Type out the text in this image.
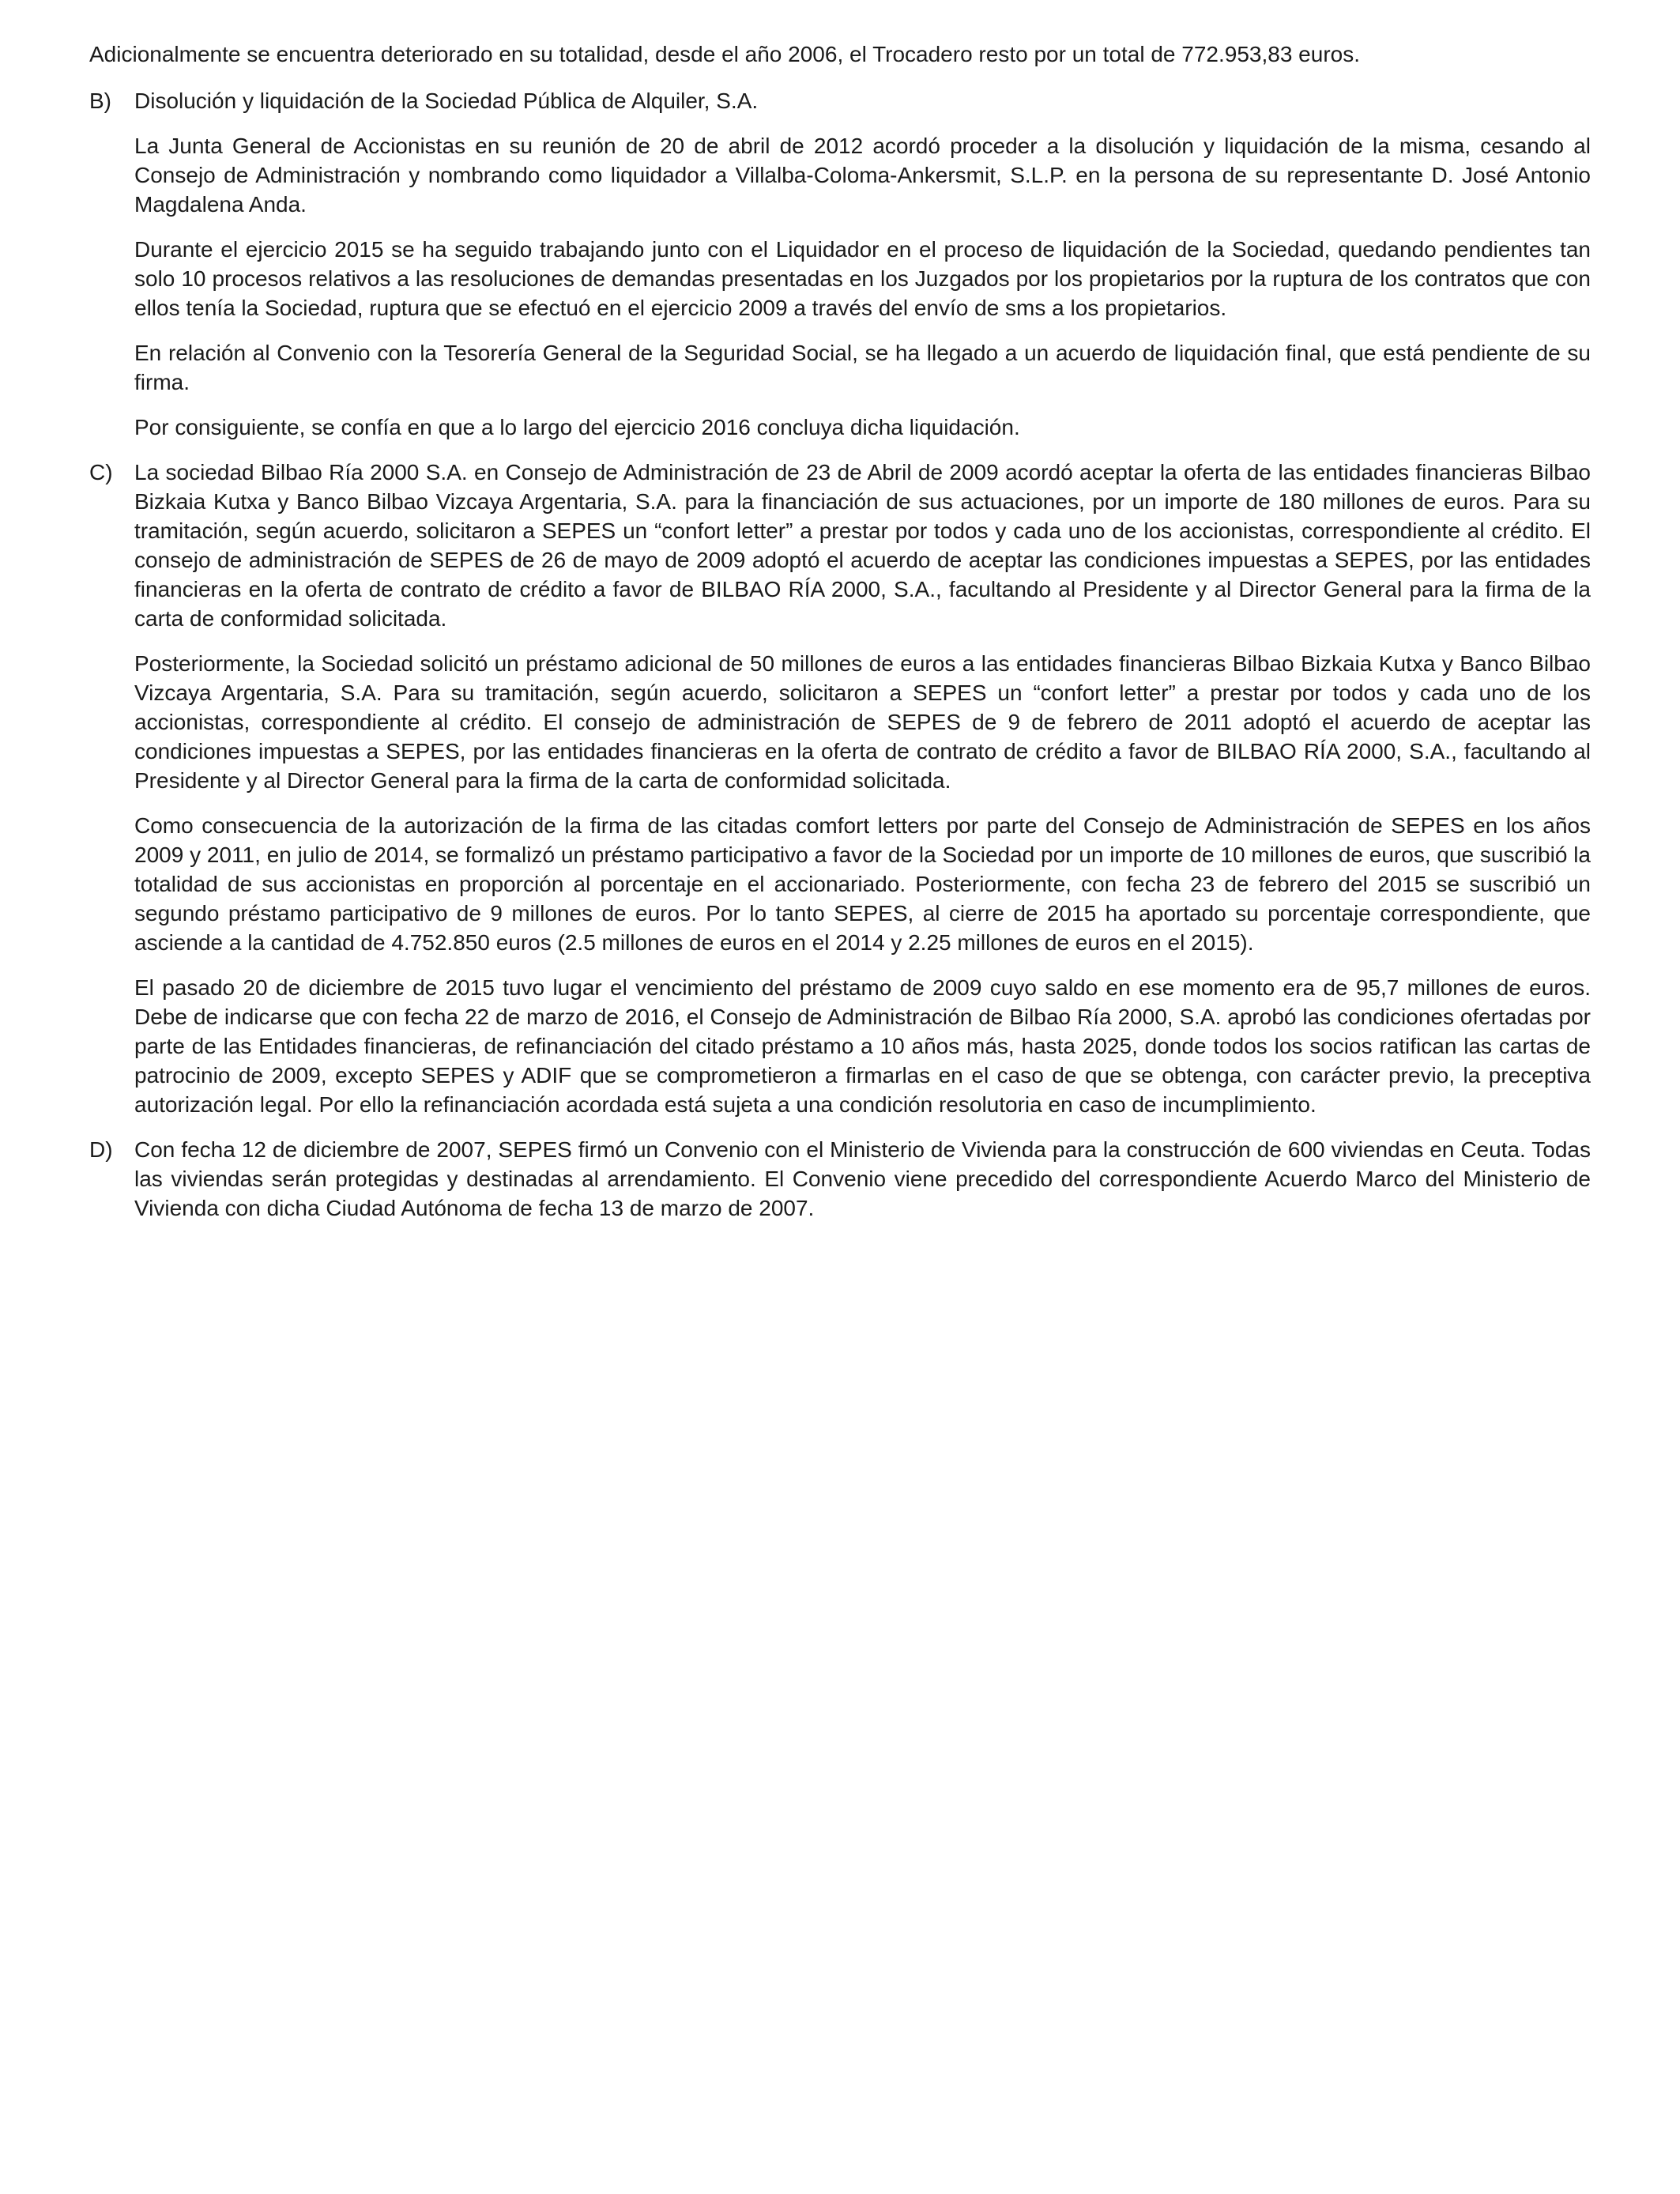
Adicionalmente se encuentra deteriorado en su totalidad, desde el año 2006, el Trocadero resto por un total de 772.953,83 euros.

B)	Disolución y liquidación de la Sociedad Pública de Alquiler, S.A.

La Junta General de Accionistas en su reunión de 20 de abril de 2012 acordó proceder a la disolución y liquidación de la misma, cesando al Consejo de Administración y nombrando como liquidador a Villalba-Coloma-Ankersmit, S.L.P. en la persona de su representante D. José Antonio Magdalena Anda.

Durante el ejercicio 2015 se ha seguido trabajando junto con el Liquidador en el proceso de liquidación de la Sociedad, quedando pendientes tan solo 10 procesos relativos a las resoluciones de demandas presentadas en los Juzgados por los propietarios por la ruptura de los contratos que con ellos tenía la Sociedad, ruptura que se efectuó en el ejercicio 2009 a través del envío de sms a los propietarios.

En relación al Convenio con la Tesorería General de la Seguridad Social, se ha llegado a un acuerdo de liquidación final, que está pendiente de su firma.

Por consiguiente, se confía en que a lo largo del ejercicio 2016 concluya dicha liquidación.

C) La sociedad Bilbao Ría 2000 S.A. en Consejo de Administración de 23 de Abril de 2009 acordó aceptar la oferta de las entidades financieras Bilbao Bizkaia Kutxa y Banco Bilbao Vizcaya Argentaria, S.A. para la financiación de sus actuaciones, por un importe de 180 millones de euros. Para su tramitación, según acuerdo, solicitaron a SEPES un “confort letter” a prestar por todos y cada uno de los accionistas, correspondiente al crédito. El consejo de administración de SEPES de 26 de mayo de 2009 adoptó el acuerdo de aceptar las condiciones impuestas a SEPES, por las entidades financieras en la oferta de contrato de crédito a favor de BILBAO RÍA 2000, S.A., facultando al Presidente y al Director General para la firma de la carta de conformidad solicitada.

Posteriormente, la Sociedad solicitó un préstamo adicional de 50 millones de euros a las entidades financieras Bilbao Bizkaia Kutxa y Banco Bilbao Vizcaya Argentaria, S.A. Para su tramitación, según acuerdo, solicitaron a SEPES un “confort letter” a prestar por todos y cada uno de los accionistas, correspondiente al crédito. El consejo de administración de SEPES de 9 de febrero de 2011 adoptó el acuerdo de aceptar las condiciones impuestas a SEPES, por las entidades financieras en la oferta de contrato de crédito a favor de BILBAO RÍA 2000, S.A., facultando al Presidente y al Director General para la firma de la carta de conformidad solicitada.

Como consecuencia de la autorización de la firma de las citadas comfort letters por parte del Consejo de Administración de SEPES en los años 2009 y 2011, en julio de 2014, se formalizó un préstamo participativo a favor de la Sociedad por un importe de 10 millones de euros, que suscribió la totalidad de sus accionistas en proporción al porcentaje en el accionariado. Posteriormente, con fecha 23 de febrero del 2015 se suscribió un segundo préstamo participativo de 9 millones de euros. Por lo tanto SEPES, al cierre de 2015 ha aportado su porcentaje correspondiente, que asciende a la cantidad de 4.752.850 euros (2.5 millones de euros en el 2014 y 2.25 millones de euros en el 2015).

El pasado 20 de diciembre de 2015 tuvo lugar el vencimiento del préstamo de 2009 cuyo saldo en ese momento era de 95,7 millones de euros. Debe de indicarse que con fecha 22 de marzo de 2016, el Consejo de Administración de Bilbao Ría 2000, S.A. aprobó las condiciones ofertadas por parte de las Entidades financieras, de refinanciación del citado préstamo a 10 años más, hasta 2025, donde todos los socios ratifican las cartas de patrocinio de 2009, excepto SEPES y ADIF que se comprometieron a firmarlas en el caso de que se obtenga, con carácter previo, la preceptiva autorización legal. Por ello la refinanciación acordada está sujeta a una condición resolutoria en caso de incumplimiento.

D) Con fecha 12 de diciembre de 2007, SEPES firmó un Convenio con el Ministerio de Vivienda para la construcción de 600 viviendas en Ceuta. Todas las viviendas serán protegidas y destinadas al arrendamiento. El Convenio viene precedido del correspondiente Acuerdo Marco del Ministerio de Vivienda con dicha Ciudad Autónoma de fecha 13 de marzo de 2007.
